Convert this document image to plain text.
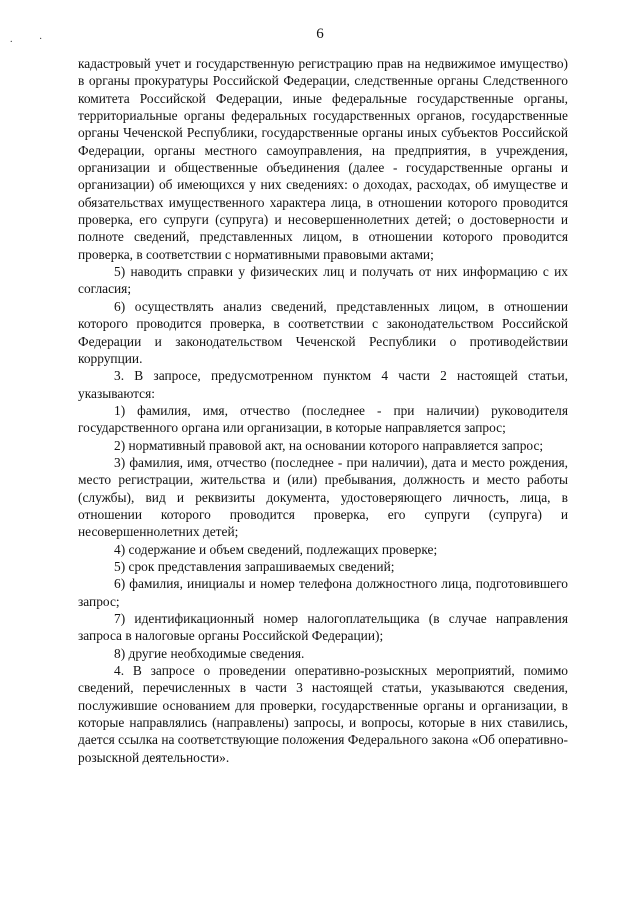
. ·	6

кадастровый учет и государственную регистрацию прав на недвижимое имущество) в органы прокуратуры Российской Федерации, следственные органы Следственного комитета Российской Федерации, иные федеральные государственные органы, территориальные органы федеральных государственных органов, государственные органы Чеченской Республики, государственные органы иных субъектов Российской Федерации, органы местного самоуправления, на предприятия, в учреждения, организации и общественные объединения (далее - государственные органы и организации) об имеющихся у них сведениях: о доходах, расходах, об имуществе и обязательствах имущественного характера лица, в отношении которого проводится проверка, его супруги (супруга) и несовершеннолетних детей; о достоверности и полноте сведений, представленных лицом, в отношении которого проводится проверка, в соответствии с нормативными правовыми актами;

5) наводить справки у физических лиц и получать от них информацию с их согласия;

6) осуществлять анализ сведений, представленных лицом, в отношении которого проводится проверка, в соответствии с законодательством Российской Федерации и законодательством Чеченской Республики о противодействии коррупции.

3. В запросе, предусмотренном пунктом 4 части 2 настоящей статьи, указываются:

1) фамилия, имя, отчество (последнее - при наличии) руководителя государственного органа или организации, в которые направляется запрос;

2) нормативный правовой акт, на основании которого направляется запрос;

3) фамилия, имя, отчество (последнее - при наличии), дата и место рождения, место регистрации, жительства и (или) пребывания, должность и место работы (службы), вид и реквизиты документа, удостоверяющего личность, лица, в отношении которого проводится проверка, его супруги (супруга) и несовершеннолетних детей;

4) содержание и объем сведений, подлежащих проверке;

5) срок представления запрашиваемых сведений;

6) фамилия, инициалы и номер телефона должностного лица, подготовившего запрос;

7) идентификационный номер налогоплательщика (в случае направления запроса в налоговые органы Российской Федерации);

8) другие необходимые сведения.

4. В запросе о проведении оперативно-розыскных мероприятий, помимо сведений, перечисленных в части 3 настоящей статьи, указываются сведения, послужившие основанием для проверки, государственные органы и организации, в которые направлялись (направлены) запросы, и вопросы, которые в них ставились, дается ссылка на соответствующие положения Федерального закона «Об оперативно-розыскной деятельности».
